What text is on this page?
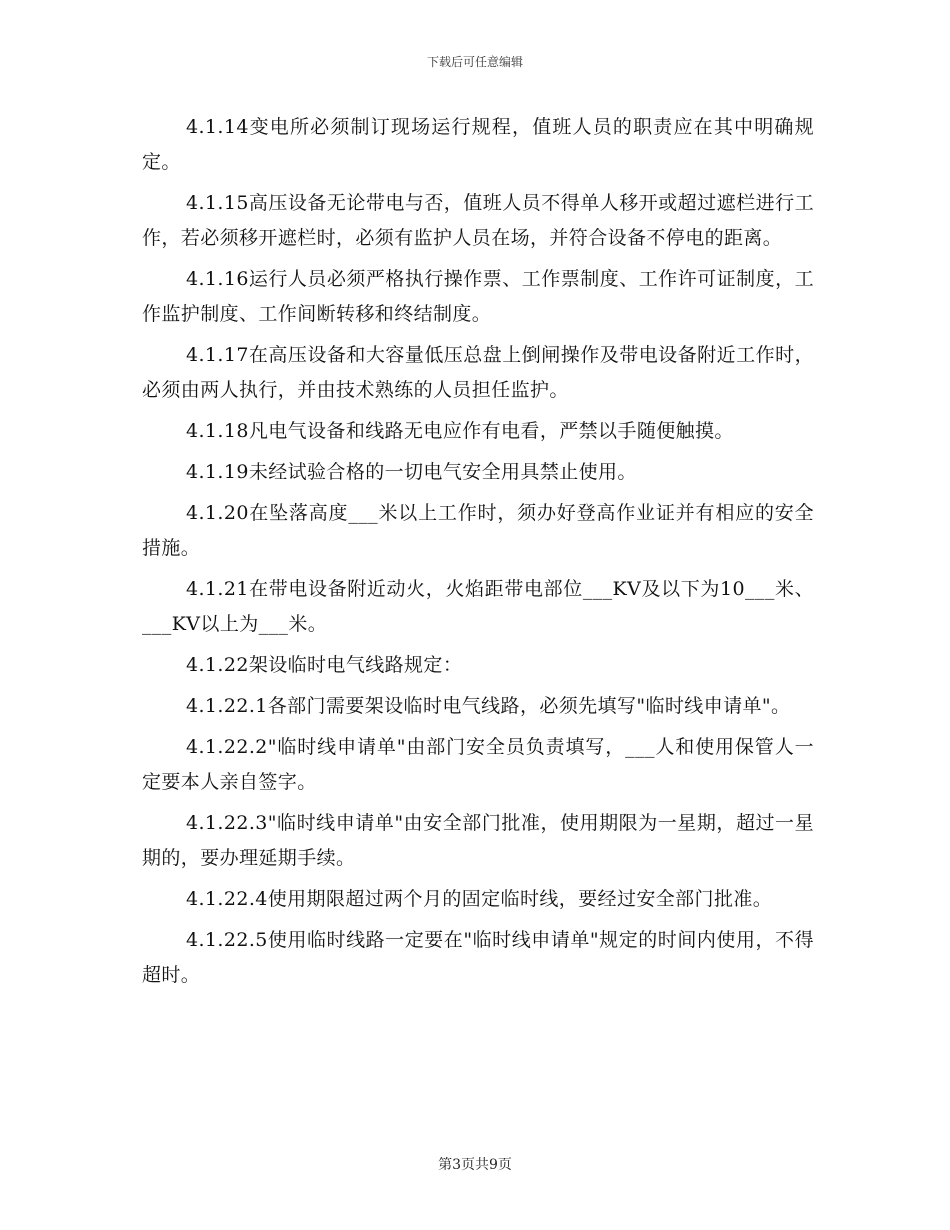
下载后可任意编辑

4.1.14变电所必须制订现场运行规程，值班人员的职责应在其中明确规定。

4.1.15高压设备无论带电与否，值班人员不得单人移开或超过遮栏进行工作，若必须移开遮栏时，必须有监护人员在场，并符合设备不停电的距离。

4.1.16运行人员必须严格执行操作票、工作票制度、工作许可证制度，工作监护制度、工作间断转移和终结制度。

4.1.17在高压设备和大容量低压总盘上倒闸操作及带电设备附近工作时，必须由两人执行，并由技术熟练的人员担任监护。

4.1.18凡电气设备和线路无电应作有电看，严禁以手随便触摸。

4.1.19未经试验合格的一切电气安全用具禁止使用。

4.1.20在坠落高度___米以上工作时，须办好登高作业证并有相应的安全措施。

4.1.21在带电设备附近动火，火焰距带电部位___KV及以下为10___米、___KV以上为___米。

4.1.22架设临时电气线路规定：

4.1.22.1各部门需要架设临时电气线路，必须先填写"临时线申请单"。

4.1.22.2"临时线申请单"由部门安全员负责填写，___人和使用保管人一定要本人亲自签字。

4.1.22.3"临时线申请单"由安全部门批准，使用期限为一星期，超过一星期的，要办理延期手续。

4.1.22.4使用期限超过两个月的固定临时线，要经过安全部门批准。

4.1.22.5使用临时线路一定要在"临时线申请单"规定的时间内使用，不得超时。

第3页共9页
